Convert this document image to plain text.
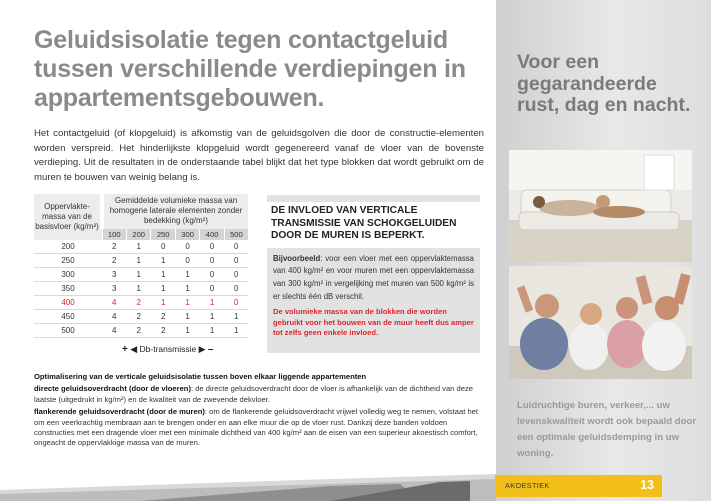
Geluidsisolatie tegen contactgeluid tussen verschillende verdiepingen in appartementsgebouwen.

Het contactgeluid (of klopgeluid) is afkomstig van de geluidsgolven die door de constructie-elementen worden verspreid. Het hinderlijkste klopgeluid wordt gegenereerd vanaf de vloer van de bovenste verdieping. Uit de resultaten in de onderstaande tabel blijkt dat het type blokken dat wordt gebruikt om de muren te bouwen van weinig belang is.

Oppervlakte-massa van de basisvloer (kg/m²)	Gemiddelde volumieke massa van homogene laterale elementen zonder bedekking (kg/m²)					
	100	200	250	300	400	500
200	2	1	0	0	0	0
250	2	1	1	0	0	0
300	3	1	1	1	0	0
350	3	1	1	1	0	0
400	4	2	1	1	1	0
450	4	2	2	1	1	1
500	4	2	2	1	1	1
+ ◀ Db-transmissie ▶ –
DE INVLOED VAN VERTICALE TRANSMISSIE VAN SCHOKGELUIDEN DOOR DE MUREN IS BEPERKT.
Bijvoorbeeld: voor een vloer met een oppervlaktemassa van 400 kg/m² en voor muren met een oppervlaktemassa van 300 kg/m² in vergelijking met muren van 500 kg/m² is er slechts één dB verschil.
De volumieke massa van de blokken die worden gebruikt voor het bouwen van de muur heeft dus amper tot zelfs geen enkele invloed.

Optimalisering van de verticale geluidsisolatie tussen boven elkaar liggende appartementen

directe geluidsoverdracht (door de vloeren): de directe geluidsoverdracht door de vloer is afhankelijk van de dichtheid van deze laatste (uitgedrukt in kg/m²) en de kwaliteit van de zwevende dekvloer.

flankerende geluidsoverdracht (door de muren): om de flankerende geluidsoverdracht vrijwel volledig weg te nemen, volstaat het om een veerkrachtig membraan aan te brengen onder en aan elke muur die op de vloer rust. Dankzij deze banden voldoen constructies met een dragende vloer met een minimale dichtheid van 400 kg/m² aan de eisen van een superieur akoestisch comfort, ongeacht de oppervlakkige massa van de muren.

Voor een gegarandeerde rust, dag en nacht.

Luidruchtige buren, verkeer,... uw levenskwaliteit wordt ook bepaald door een optimale geluidsdemping in uw woning.

AKOESTIEK	13
